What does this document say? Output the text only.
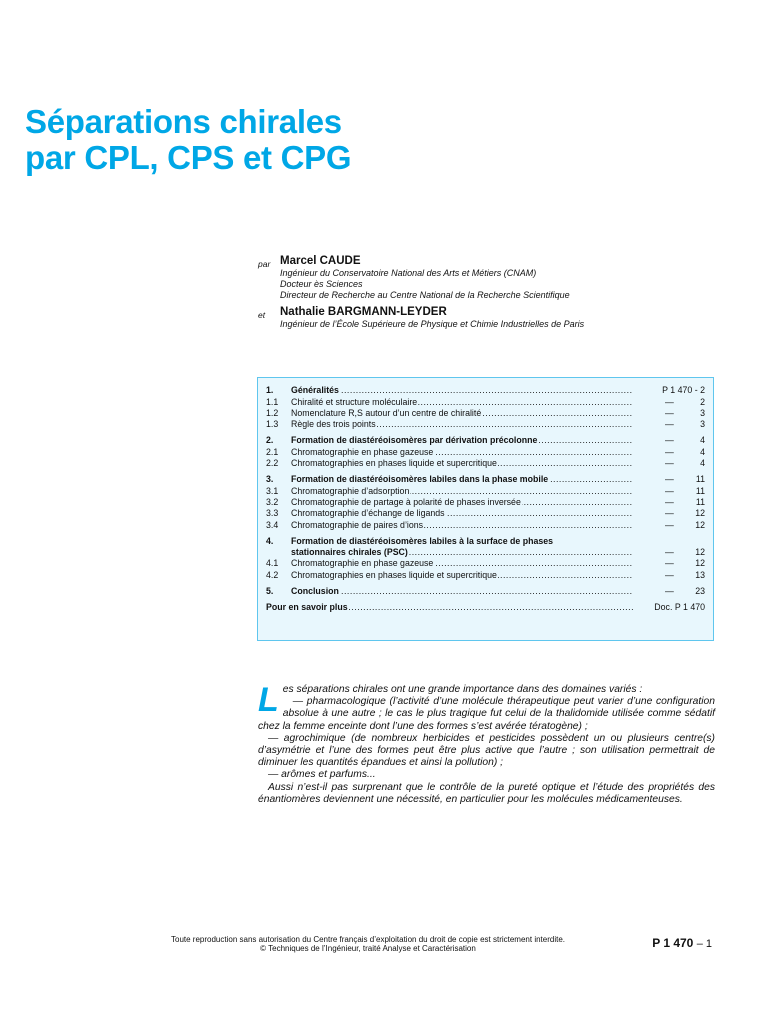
Séparations chirales
par CPL, CPS et CPG
par Marcel CAUDE
Ingénieur du Conservatoire National des Arts et Métiers (CNAM)
Docteur ès Sciences
Directeur de Recherche au Centre National de la Recherche Scientifique
et Nathalie BARGMANN-LEYDER
Ingénieur de l’École Supérieure de Physique et Chimie Industrielles de Paris
1.	Généralités .....	P 1 470 - 2
1.1	Chiralité et structure moléculaire .....	—	2
1.2	Nomenclature R,S autour d’un centre de chiralité .....	—	3
1.3	Règle des trois points .....	—	3
2.	Formation de diastéréoisomères par dérivation précolonne .....	—	4
2.1	Chromatographie en phase gazeuse .....	—	4
2.2	Chromatographies en phases liquide et supercritique .....	—	4
3.	Formation de diastéréoisomères labiles dans la phase mobile .....	—	11
3.1	Chromatographie d’adsorption .....	—	11
3.2	Chromatographie de partage à polarité de phases inversée .....	—	11
3.3	Chromatographie d’échange de ligands .....	— 12
3.4	Chromatographie de paires d’ions .....	— 12
4.	Formation de diastéréoisomères labiles à la surface de phases
stationnaires chirales (PSC) .....	— 12
4.1	Chromatographie en phase gazeuse .....	— 12
4.2	Chromatographies en phases liquide et supercritique .....	— 13
5.	Conclusion .....	— 23
Pour en savoir plus .....	Doc. P 1 470

Les séparations chirales ont une grande importance dans des domaines variés :

— pharmacologique (l’activité d’une molécule thérapeutique peut varier d’une configuration absolue à une autre ; le cas le plus tragique fut celui de la thalidomide utilisée comme sédatif chez la femme enceinte dont l’une des formes s’est avérée tératogène) ;

— agrochimique (de nombreux herbicides et pesticides possèdent un ou plusieurs centre(s) d’asymétrie et l’une des formes peut être plus active que l’autre ; son utilisation permettrait de diminuer les quantités épandues et ainsi la pollution) ;

— arômes et parfums...

Aussi n’est-il pas surprenant que le contrôle de la pureté optique et l’étude des propriétés des énantiomères deviennent une nécessité, en particulier pour les molécules médicamenteuses.

Toute reproduction sans autorisation du Centre français d’exploitation du droit de copie est strictement interdite.
© Techniques de l’Ingénieur, traité Analyse et Caractérisation	P 1 470 – 1
